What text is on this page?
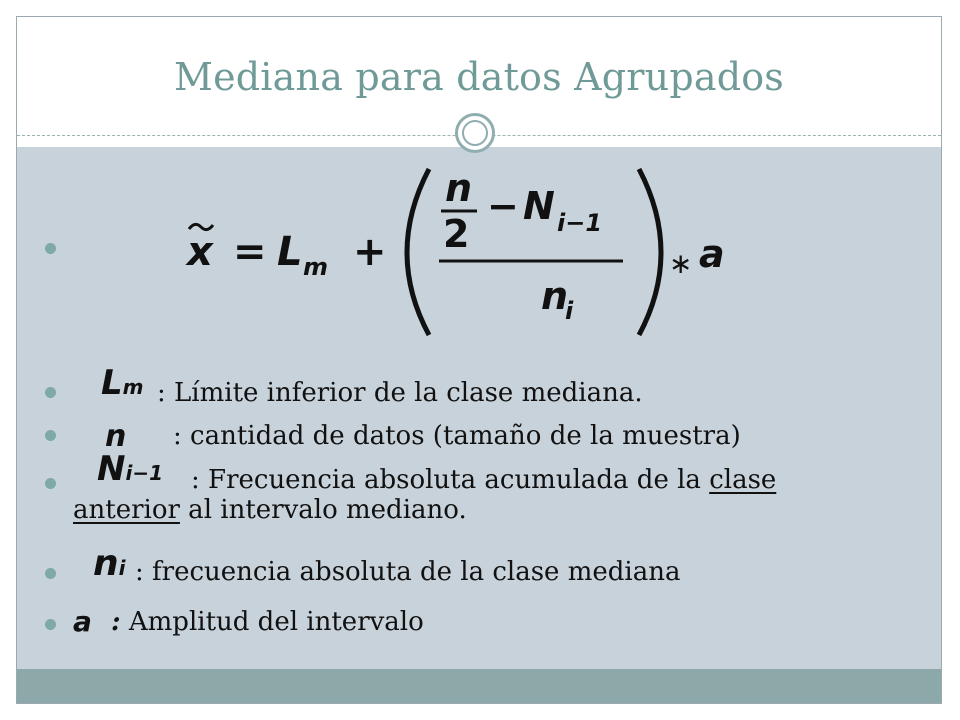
Mediana para datos Agrupados
x = L m +
n
2
− N i−1
n
i
∗ a
Lm : Límite inferior de la clase mediana.
n : cantidad de datos (tamaño de la muestra)
Ni−1	: Frecuencia absoluta acumulada de la clase
anterior al intervalo mediano.
ni : frecuencia absoluta de la clase mediana
a : Amplitud del intervalo
